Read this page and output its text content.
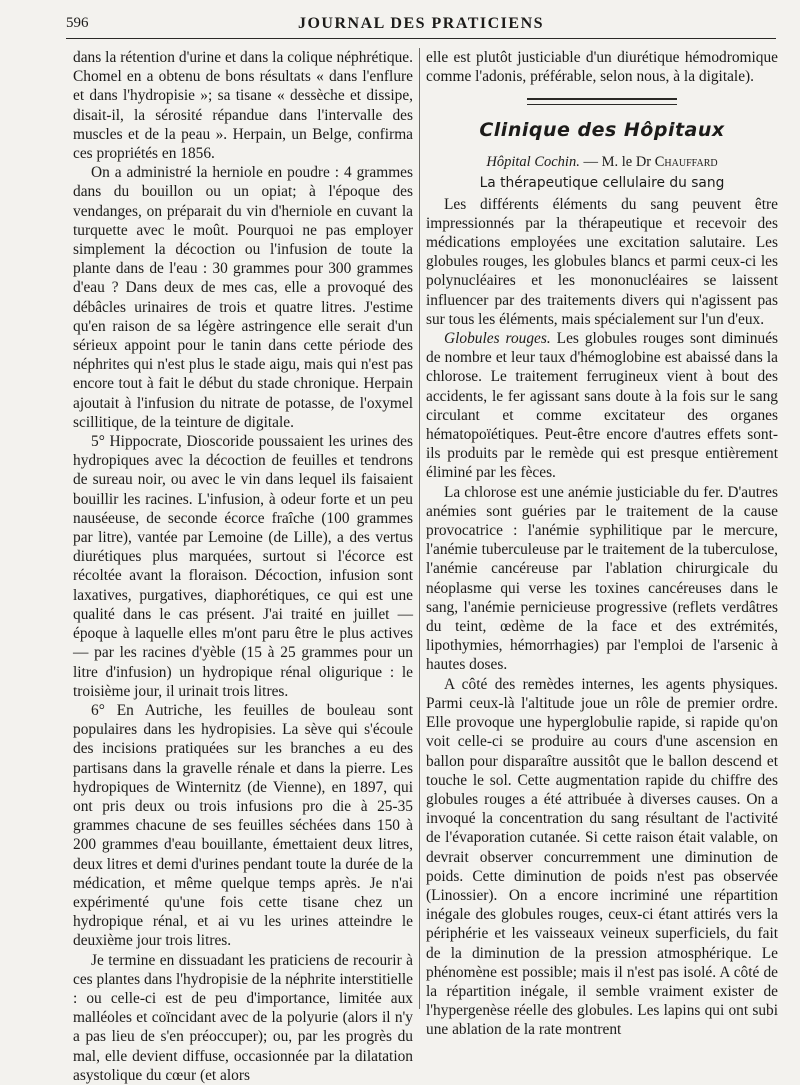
596	JOURNAL DES PRATICIENS

dans la rétention d'urine et dans la colique néphrétique. Chomel en a obtenu de bons résultats « dans l'enflure et dans l'hydropisie »; sa tisane « dessèche et dissipe, disait-il, la sérosité répandue dans l'intervalle des muscles et de la peau ». Herpain, un Belge, confirma ces propriétés en 1856.

On a administré la herniole en poudre : 4 grammes dans du bouillon ou un opiat; à l'époque des vendanges, on préparait du vin d'herniole en cuvant la turquette avec le moût. Pourquoi ne pas employer simplement la décoction ou l'infusion de toute la plante dans de l'eau : 30 grammes pour 300 grammes d'eau ? Dans deux de mes cas, elle a provoqué des débâcles urinaires de trois et quatre litres. J'estime qu'en raison de sa légère astringence elle serait d'un sérieux appoint pour le tanin dans cette période des néphrites qui n'est plus le stade aigu, mais qui n'est pas encore tout à fait le début du stade chronique. Herpain ajoutait à l'infusion du nitrate de potasse, de l'oxymel scillitique, de la teinture de digitale.

5° Hippocrate, Dioscoride poussaient les urines des hydropiques avec la décoction de feuilles et tendrons de sureau noir, ou avec le vin dans lequel ils faisaient bouillir les racines. L'infusion, à odeur forte et un peu nauséeuse, de seconde écorce fraîche (100 grammes par litre), vantée par Lemoine (de Lille), a des vertus diurétiques plus marquées, surtout si l'écorce est récoltée avant la floraison. Décoction, infusion sont laxatives, purgatives, diaphorétiques, ce qui est une qualité dans le cas présent. J'ai traité en juillet — époque à laquelle elles m'ont paru être le plus actives — par les racines d'yèble (15 à 25 grammes pour un litre d'infusion) un hydropique rénal oligurique : le troisième jour, il urinait trois litres.

6° En Autriche, les feuilles de bouleau sont populaires dans les hydropisies. La sève qui s'écoule des incisions pratiquées sur les branches a eu des partisans dans la gravelle rénale et dans la pierre. Les hydropiques de Winternitz (de Vienne), en 1897, qui ont pris deux ou trois infusions pro die à 25-35 grammes chacune de ses feuilles séchées dans 150 à 200 grammes d'eau bouillante, émettaient deux litres, deux litres et demi d'urines pendant toute la durée de la médication, et même quelque temps après. Je n'ai expérimenté qu'une fois cette tisane chez un hydropique rénal, et ai vu les urines atteindre le deuxième jour trois litres.

Je termine en dissuadant les praticiens de recourir à ces plantes dans l'hydropisie de la néphrite interstitielle : ou celle-ci est de peu d'importance, limitée aux malléoles et coïncidant avec de la polyurie (alors il n'y a pas lieu de s'en préoccuper); ou, par les progrès du mal, elle devient diffuse, occasionnée par la dilatation asystolique du cœur (et alors

elle est plutôt justiciable d'un diurétique hémodromique comme l'adonis, préférable, selon nous, à la digitale).

Clinique des Hôpitaux
Hôpital Cochin. — M. le Dr Chauffard
La thérapeutique cellulaire du sang

Les différents éléments du sang peuvent être impressionnés par la thérapeutique et recevoir des médications employées une excitation salutaire. Les globules rouges, les globules blancs et parmi ceux-ci les polynucléaires et les mononucléaires se laissent influencer par des traitements divers qui n'agissent pas sur tous les éléments, mais spécialement sur l'un d'eux.

Globules rouges. Les globules rouges sont diminués de nombre et leur taux d'hémoglobine est abaissé dans la chlorose. Le traitement ferrugineux vient à bout des accidents, le fer agissant sans doute à la fois sur le sang circulant et comme excitateur des organes hématopoïétiques. Peut-être encore d'autres effets sont-ils produits par le remède qui est presque entièrement éliminé par les fèces.

La chlorose est une anémie justiciable du fer. D'autres anémies sont guéries par le traitement de la cause provocatrice : l'anémie syphilitique par le mercure, l'anémie tuberculeuse par le traitement de la tuberculose, l'anémie cancéreuse par l'ablation chirurgicale du néoplasme qui verse les toxines cancéreuses dans le sang, l'anémie pernicieuse progressive (reflets verdâtres du teint, œdème de la face et des extrémités, lipothymies, hémorrhagies) par l'emploi de l'arsenic à hautes doses.

A côté des remèdes internes, les agents physiques. Parmi ceux-là l'altitude joue un rôle de premier ordre. Elle provoque une hyperglobulie rapide, si rapide qu'on voit celle-ci se produire au cours d'une ascension en ballon pour disparaître aussitôt que le ballon descend et touche le sol. Cette augmentation rapide du chiffre des globules rouges a été attribuée à diverses causes. On a invoqué la concentration du sang résultant de l'activité de l'évaporation cutanée. Si cette raison était valable, on devrait observer concurremment une diminution de poids. Cette diminution de poids n'est pas observée (Linossier). On a encore incriminé une répartition inégale des globules rouges, ceux-ci étant attirés vers la périphérie et les vaisseaux veineux superficiels, du fait de la diminution de la pression atmosphérique. Le phénomène est possible; mais il n'est pas isolé. A côté de la répartition inégale, il semble vraiment exister de l'hypergenèse réelle des globules. Les lapins qui ont subi une ablation de la rate montrent
